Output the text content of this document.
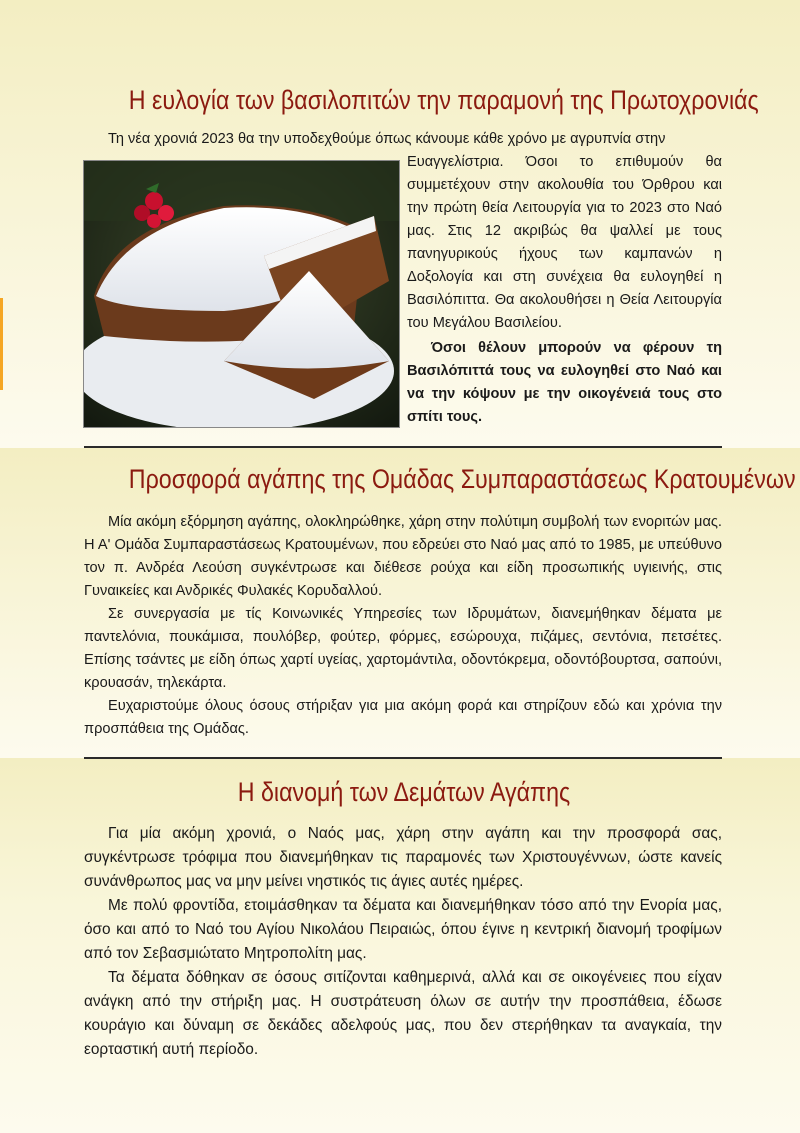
Η ευλογία των βασιλοπιτών την παραμονή της Πρωτοχρονιάς

Τη νέα χρονιά 2023 θα την υποδεχθούμε όπως κάνουμε κάθε χρόνο με αγρυπνία στην

Ευαγγελίστρια. Όσοι το επιθυμούν θα συμμετέχουν στην ακολουθία του Όρθρου και την πρώτη θεία Λειτουργία για το 2023 στο Ναό μας. Στις 12 ακριβώς θα ψαλλεί με τους πανηγυρικούς ήχους των καμπανών η Δοξολογία και στη συνέχεια θα ευλογηθεί η Βασιλόπιττα. Θα ακολουθήσει η Θεία Λειτουργία του Μεγάλου Βασιλείου.

Όσοι θέλουν μπορούν να φέρουν τη Βασιλόπιττά τους να ευλογηθεί στο Ναό και να την κόψουν με την οικογένειά τους στο σπίτι τους.

Προσφορά αγάπης της Ομάδας Συμπαραστάσεως Κρατουμένων

Μία ακόμη εξόρμηση αγάπης, ολοκληρώθηκε, χάρη στην πολύτιμη συμβολή των ενοριτών μας. Η Α' Ομάδα Συμπαραστάσεως Κρατουμένων, που εδρεύει στο Ναό μας από το 1985, με υπεύθυνο τον π. Ανδρέα Λεούση συγκέντρωσε και διέθεσε ρούχα και είδη προσωπικής υγιεινής, στις Γυναικείες και Ανδρικές Φυλακές Κορυδαλλού.

Σε συνεργασία με τίς Κοινωνικές Υπηρεσίες των Ιδρυμάτων, διανεμήθηκαν δέματα με παντελόνια, πουκάμισα, πουλόβερ, φούτερ, φόρμες, εσώρουχα, πιζάμες, σεντόνια, πετσέτες. Επίσης τσάντες με είδη όπως χαρτί υγείας, χαρτομάντιλα, οδοντόκρεμα, οδοντόβουρτσα, σαπούνι, κρουασάν, τηλεκάρτα.

Ευχαριστούμε όλους όσους στήριξαν για μια ακόμη φορά και στηρίζουν εδώ και χρόνια την προσπάθεια της Ομάδας.

Η διανομή των Δεμάτων Αγάπης

Για μία ακόμη χρονιά, ο Ναός μας, χάρη στην αγάπη και την προσφορά σας, συγκέντρωσε τρόφιμα που διανεμήθηκαν τις παραμονές των Χριστουγέννων, ώστε κανείς συνάνθρωπος μας να μην μείνει νηστικός τις άγιες αυτές ημέρες.

Με πολύ φροντίδα, ετοιμάσθηκαν τα δέματα και διανεμήθηκαν τόσο από την Ενορία μας, όσο και από το Ναό του Αγίου Νικολάου Πειραιώς, όπου έγινε η κεντρική διανομή τροφίμων από τον Σεβασμιώτατο Μητροπολίτη μας.

Τα δέματα δόθηκαν σε όσους σιτίζονται καθημερινά, αλλά και σε οικογένειες που είχαν ανάγκη από την στήριξη μας. Η συστράτευση όλων σε αυτήν την προσπάθεια, έδωσε κουράγιο και δύναμη σε δεκάδες αδελφούς μας, που δεν στερήθηκαν τα αναγκαία, την εορταστική αυτή περίοδο.
